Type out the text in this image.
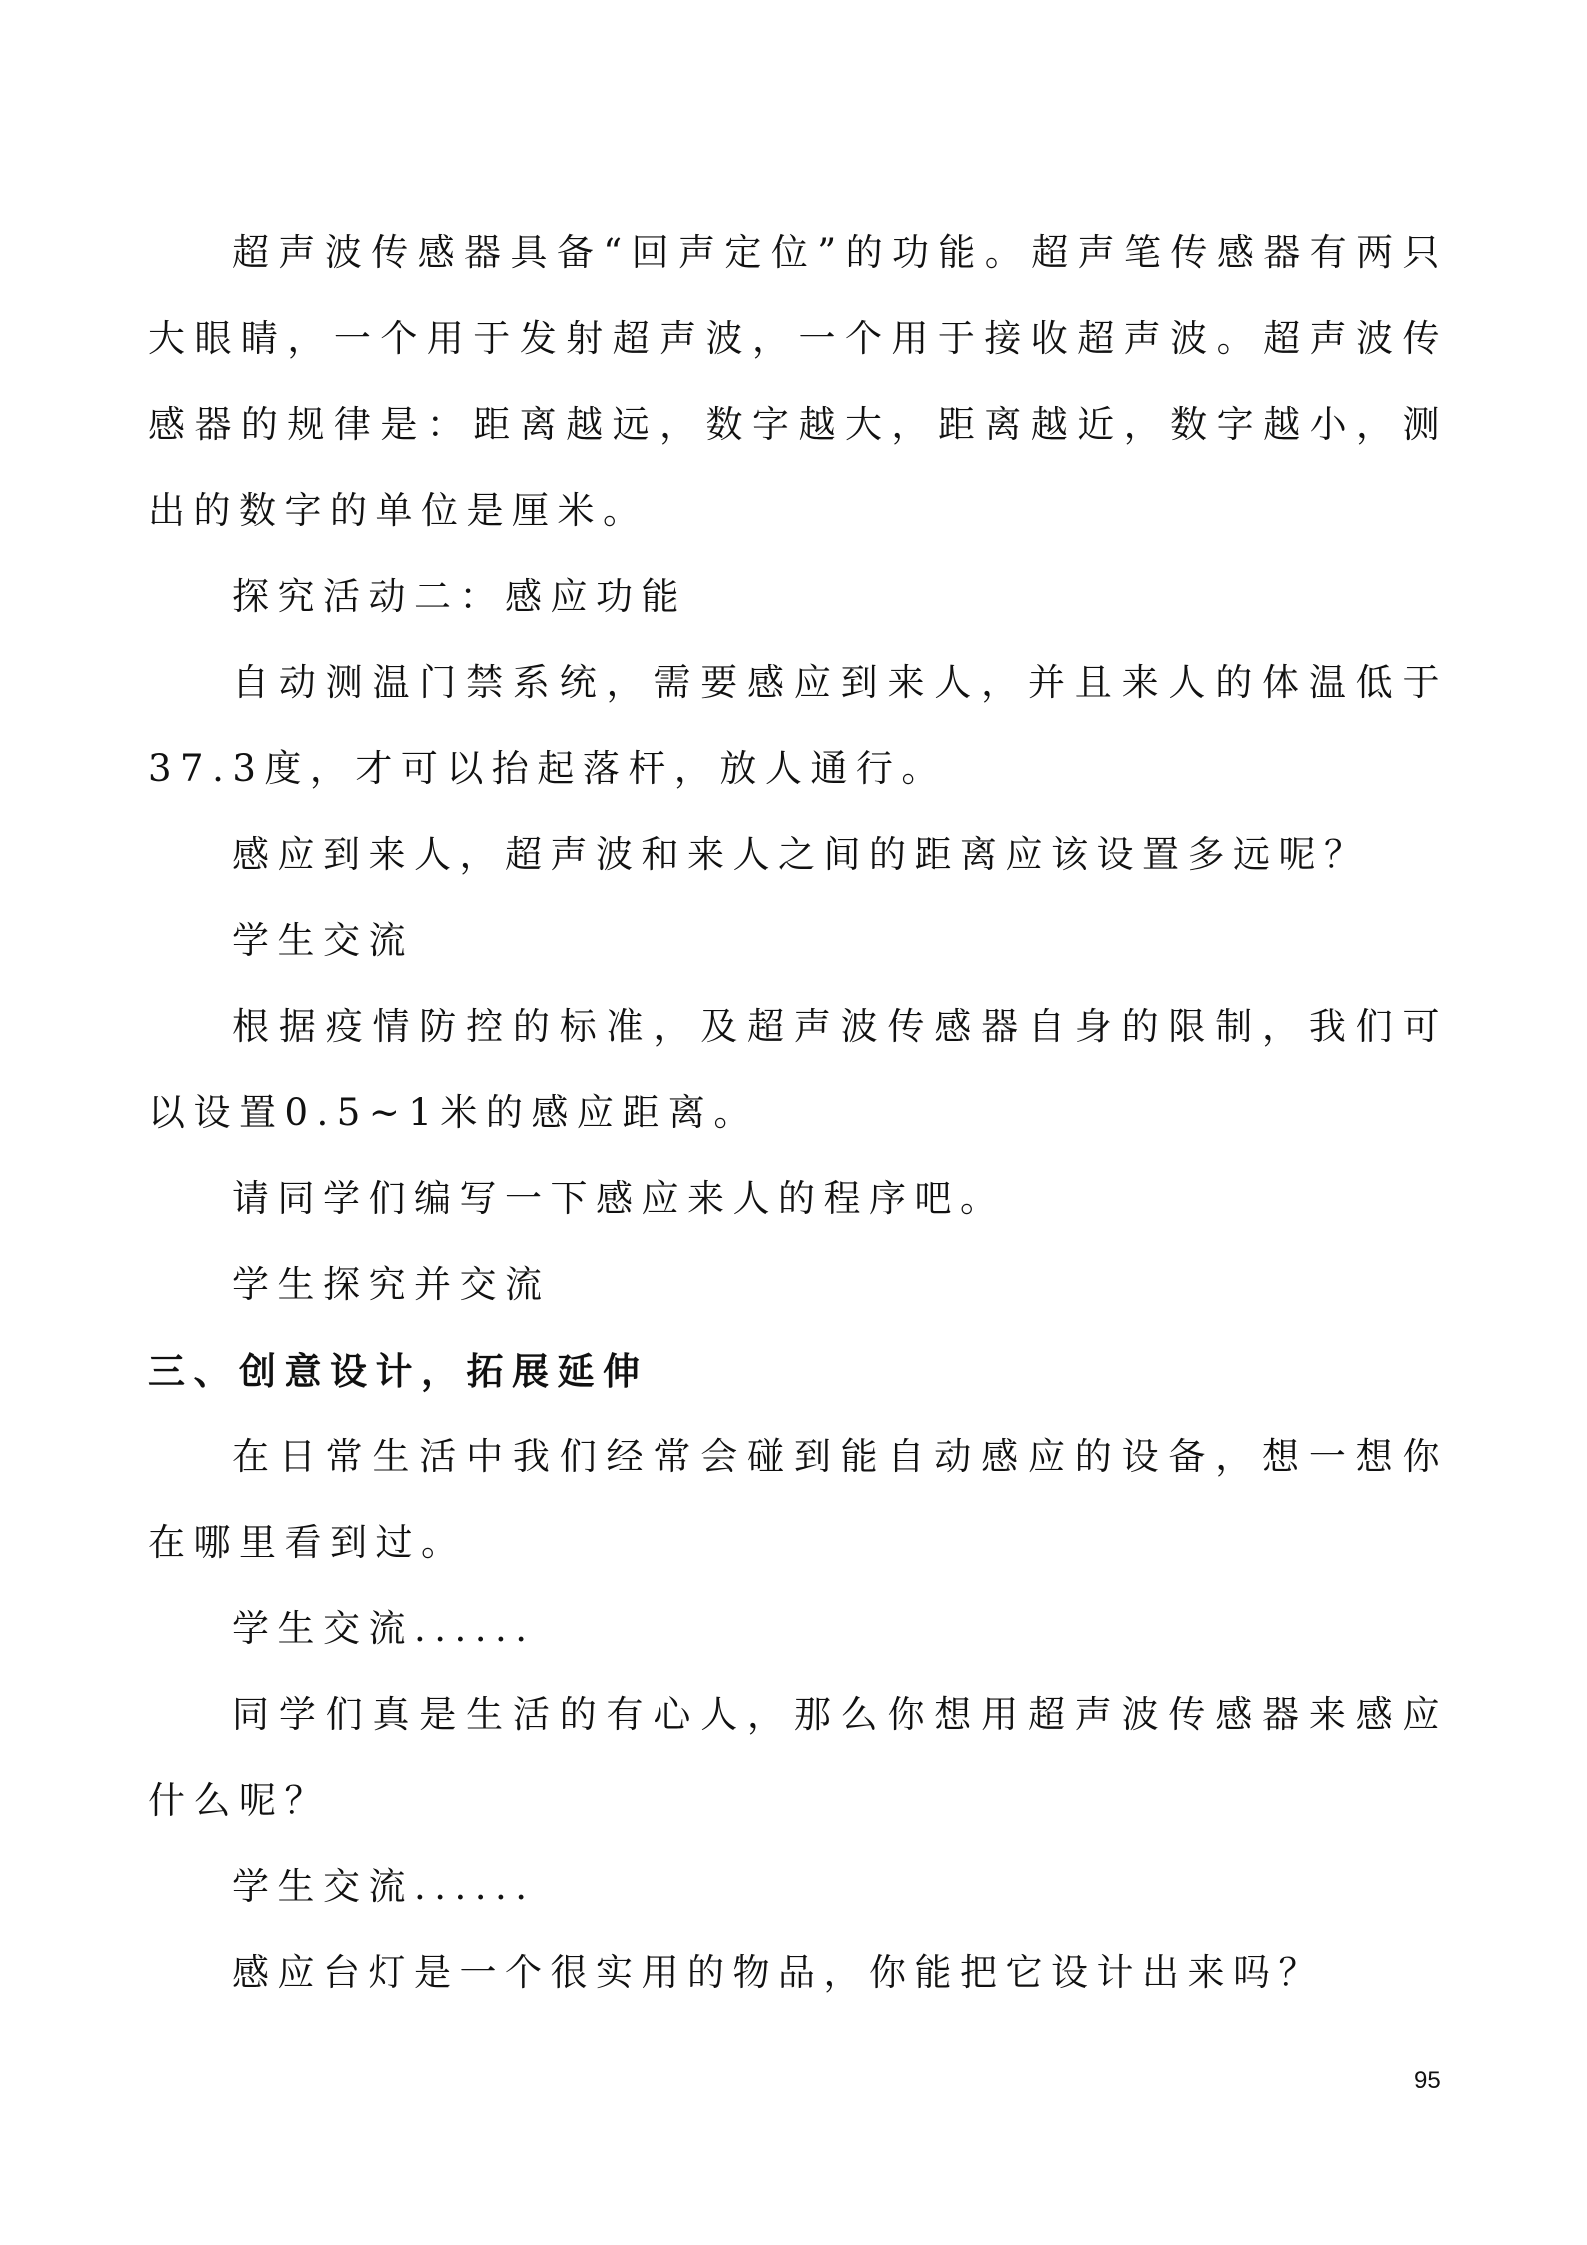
超声波传感器具备“回声定位”的功能。超声笔传感器有两只大眼睛，一个用于发射超声波，一个用于接收超声波。超声波传感器的规律是：距离越远，数字越大，距离越近，数字越小，测出的数字的单位是厘米。

探究活动二：感应功能

自动测温门禁系统，需要感应到来人，并且来人的体温低于37.3度，才可以抬起落杆，放人通行。

感应到来人，超声波和来人之间的距离应该设置多远呢？

学生交流

根据疫情防控的标准，及超声波传感器自身的限制，我们可以设置0.5~1米的感应距离。

请同学们编写一下感应来人的程序吧。

学生探究并交流

三、创意设计，拓展延伸

在日常生活中我们经常会碰到能自动感应的设备，想一想你在哪里看到过。

学生交流......

同学们真是生活的有心人，那么你想用超声波传感器来感应什么呢？

学生交流......

感应台灯是一个很实用的物品，你能把它设计出来吗？

95
